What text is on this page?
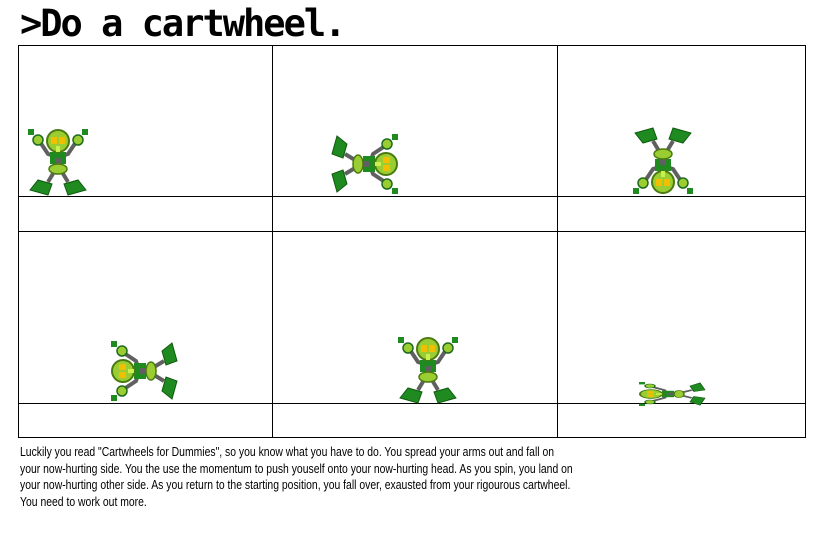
>Do a cartwheel.
Luckily you read "Cartwheels for Dummies", so you know what you have to do. You spread your arms out and fall on
your now-hurting side. You the use the momentum to push youself onto your now-hurting head. As you spin, you land on
your now-hurting other side. As you return to the starting position, you fall over, exausted from your rigourous cartwheel.
You need to work out more.
